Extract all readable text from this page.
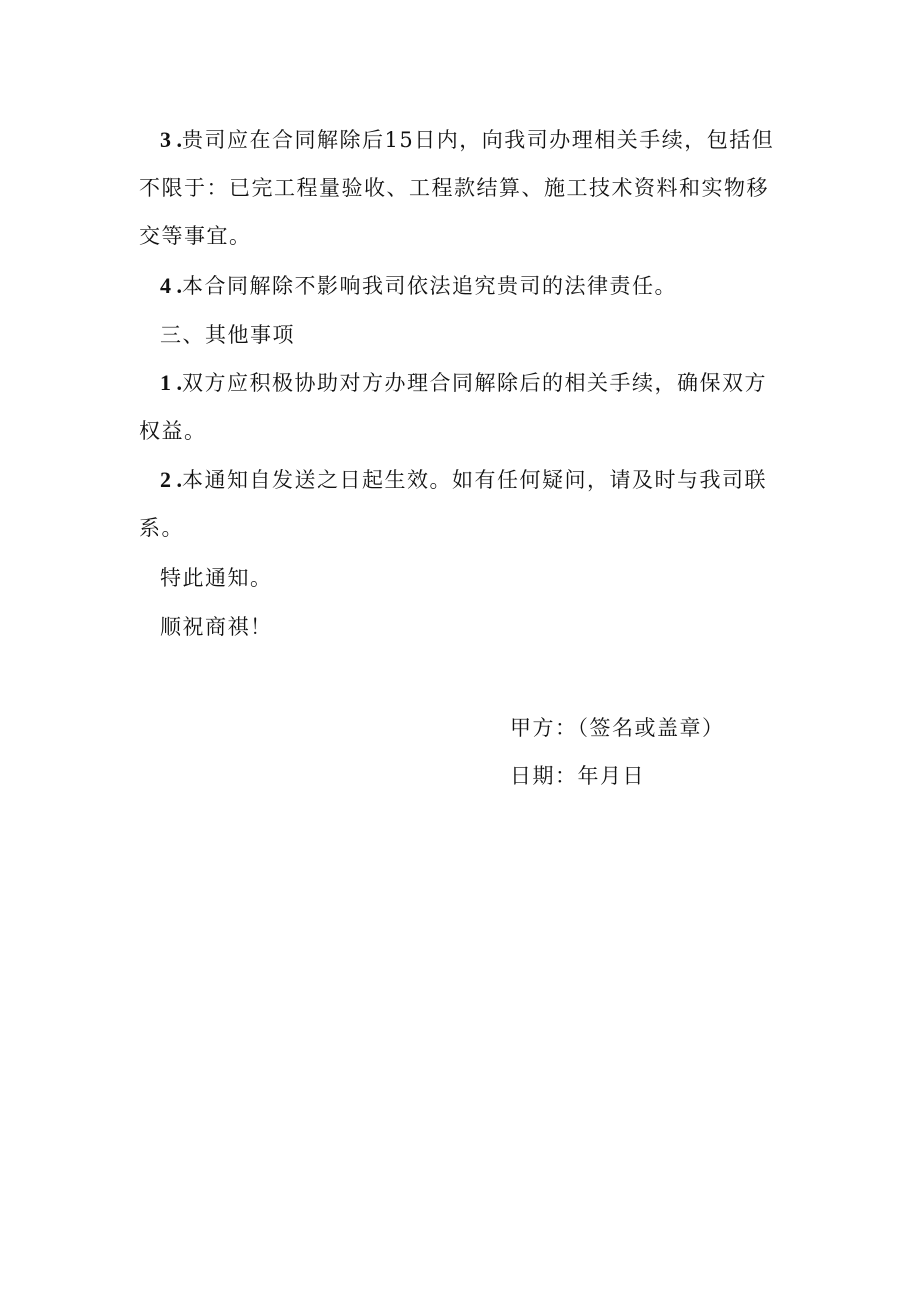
3 .贵司应在合同解除后15日内，向我司办理相关手续，包括但不限于：已完工程量验收、工程款结算、施工技术资料和实物移交等事宜。
4 .本合同解除不影响我司依法追究贵司的法律责任。
三、其他事项
1 .双方应积极协助对方办理合同解除后的相关手续，确保双方权益。
2 .本通知自发送之日起生效。如有任何疑问，请及时与我司联系。
特此通知。
顺祝商祺！
甲方：（签名或盖章）
日期：年月日
